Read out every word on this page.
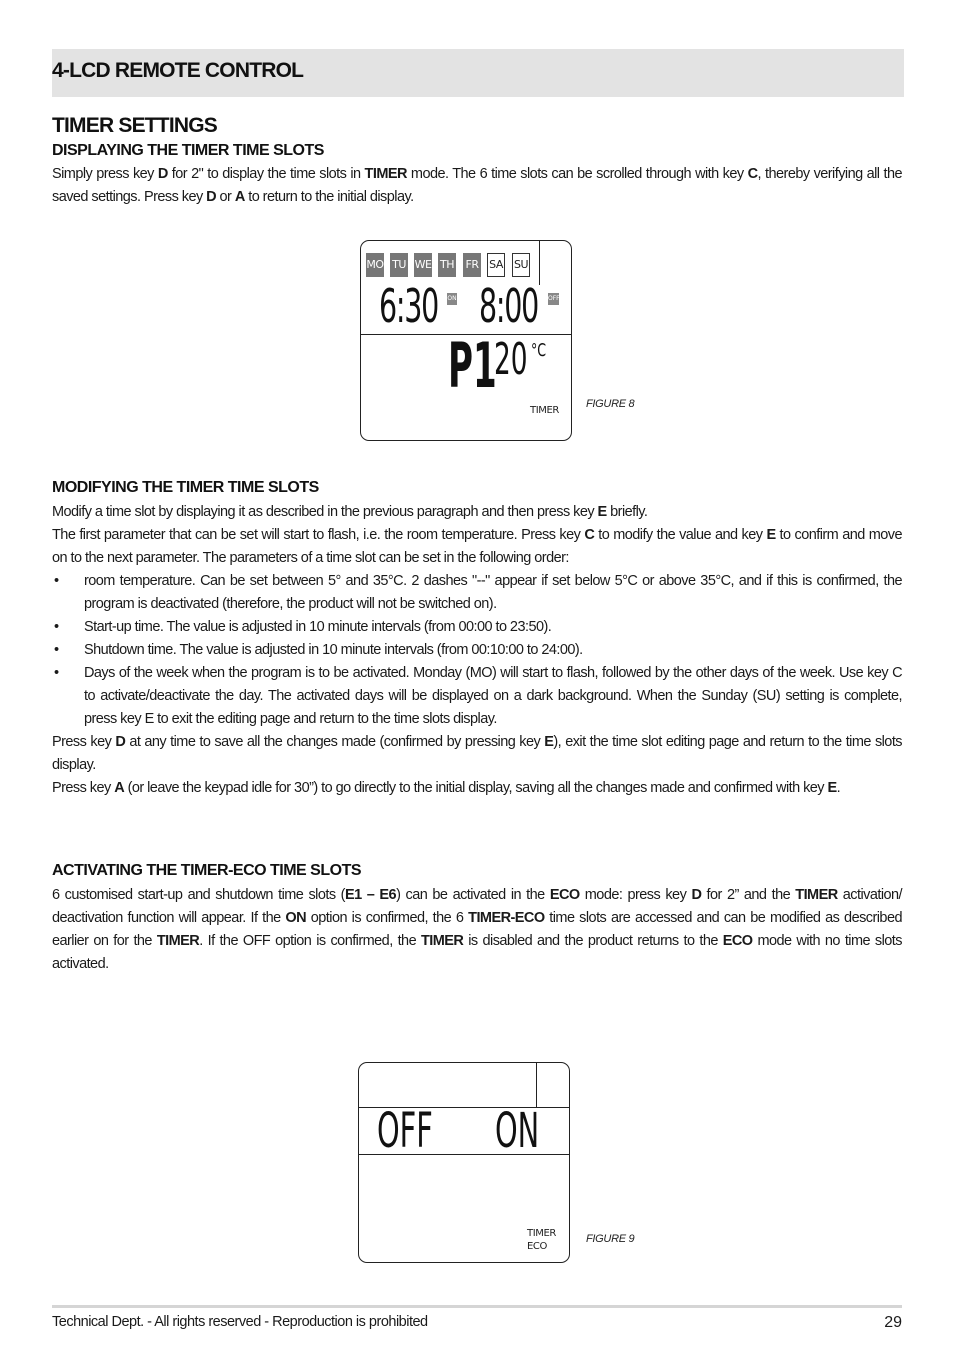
4-LCD REMOTE CONTROL
TIMER SETTINGS
DISPLAYING THE TIMER TIME SLOTS
Simply press key D for 2" to display the time slots in TIMER mode. The 6 time slots can be scrolled through with key C, thereby verifying all the saved settings. Press key D or A to return to the initial display.
MO TU WE TH FR SA SU
6:30 ON 8:00 OFF
P1
20 °C
TIMER
FIGURE 8
MODIFYING THE TIMER TIME SLOTS
Modify a time slot by displaying it as described in the previous paragraph and then press key E briefly.
The first parameter that can be set will start to flash, i.e. the room temperature. Press key C to modify the value and key E to confirm and move on to the next parameter. The parameters of a time slot can be set in the following order:
• room temperature. Can be set between 5° and 35°C. 2 dashes "--" appear if set below 5°C or above 35°C, and if this is confirmed, the program is deactivated (therefore, the product will not be switched on).
• Start-up time. The value is adjusted in 10 minute intervals (from 00:00 to 23:50).
• Shutdown time. The value is adjusted in 10 minute intervals (from 00:10:00 to 24:00).
• Days of the week when the program is to be activated. Monday (MO) will start to flash, followed by the other days of the week. Use key C to activate/deactivate the day. The activated days will be displayed on a dark background. When the Sunday (SU) setting is complete, press key E to exit the editing page and return to the time slots display.
Press key D at any time to save all the changes made (confirmed by pressing key E), exit the time slot editing page and return to the time slots display.
Press key A (or leave the keypad idle for 30”) to go directly to the initial display, saving all the changes made and confirmed with key E.
ACTIVATING THE TIMER-ECO TIME SLOTS
6 customised start-up and shutdown time slots (E1 – E6) can be activated in the ECO mode: press key D for 2” and the TIMER activation/ deactivation function will appear. If the ON option is confirmed, the 6 TIMER-ECO time slots are accessed and can be modified as described earlier on for the TIMER. If the OFF option is confirmed, the TIMER is disabled and the product returns to the ECO mode with no time slots activated.
OFF ON
TIMER
ECO
FIGURE 9
Technical Dept. - All rights reserved - Reproduction is prohibited	29
